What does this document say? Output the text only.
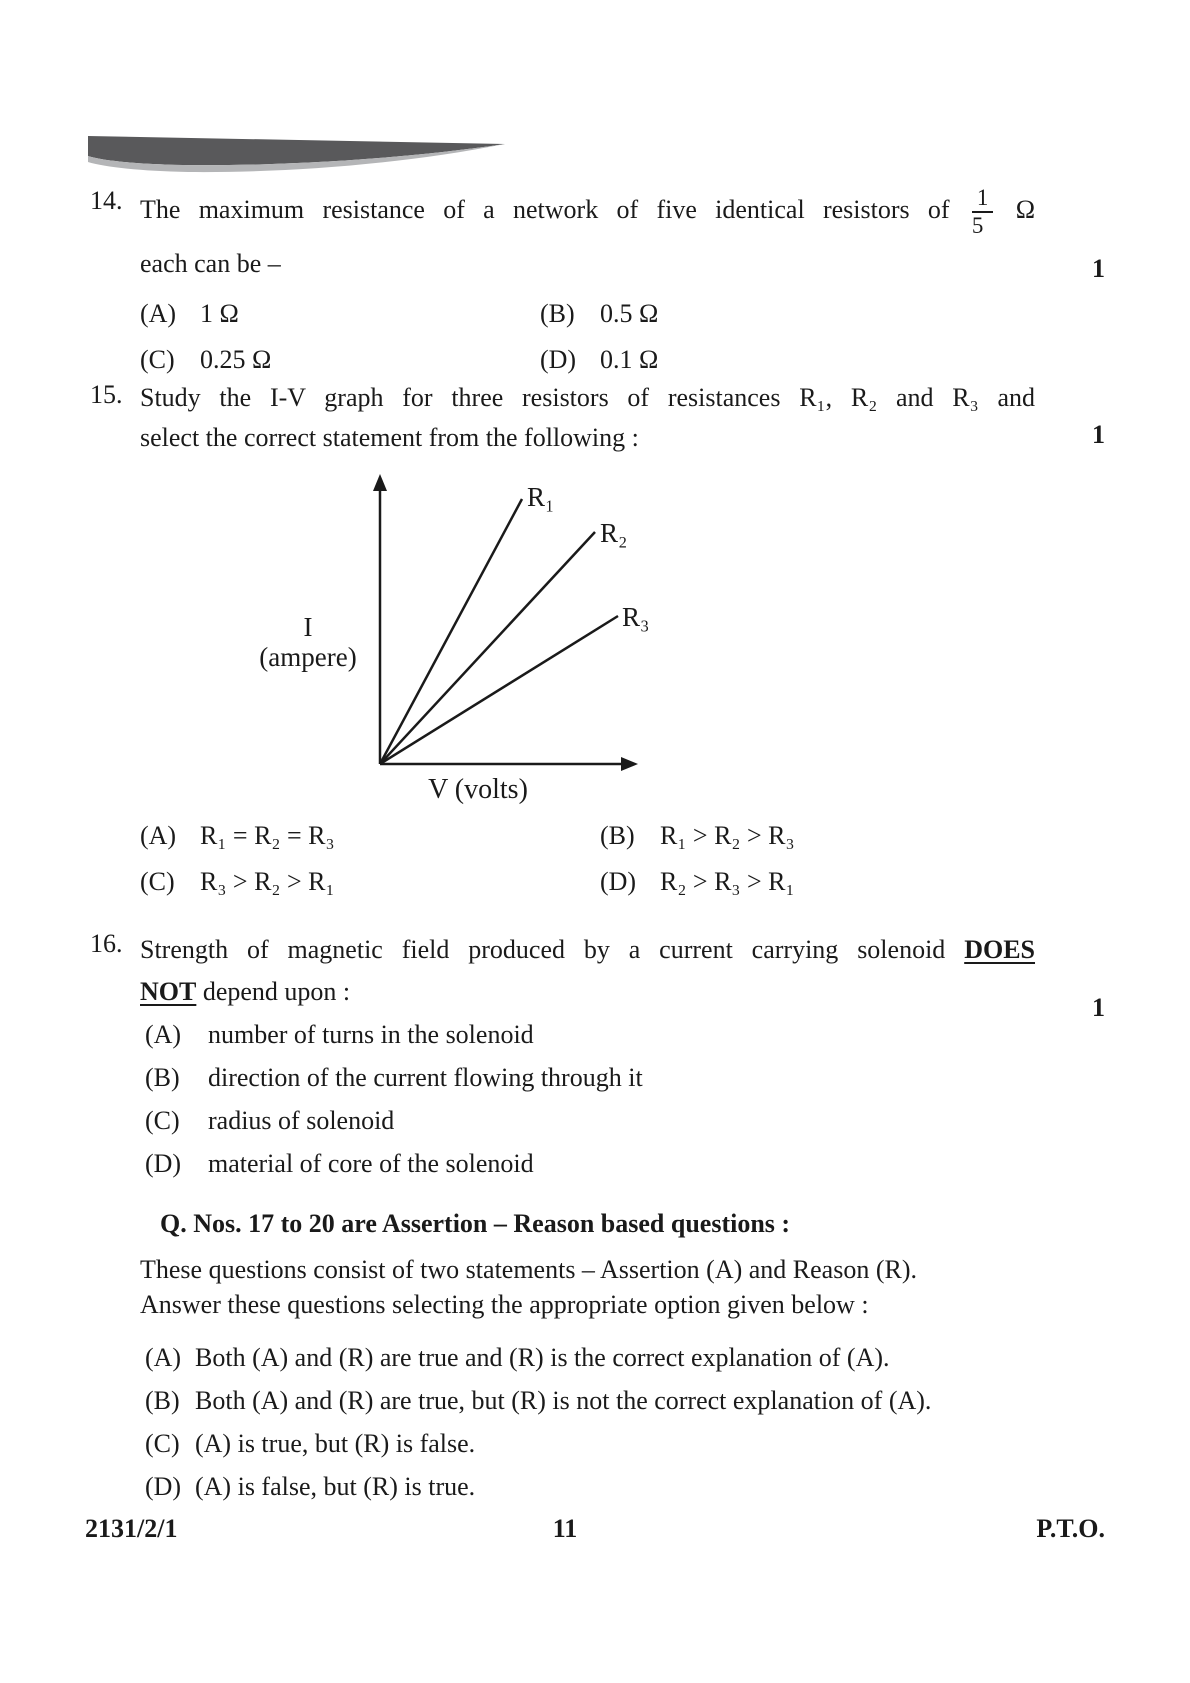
14.
1
The maximum resistance of a network of five identical resistors of $\frac{1}{5}$ Ω
each can be –
(A) 1 Ω	(B) 0.5 Ω
(C) 0.25 Ω	(D) 0.1 Ω
15.
1
Study the I-V graph for three resistors of resistances R₁, R₂ and R₃ and
select the correct statement from the following :
R₁
R₂
R₃
I
(ampere)
V (volts)
(A) R₁ = R₂ = R₃	(B) R₁ > R₂ > R₃
(C) R₃ > R₂ > R₁	(D) R₂ > R₃ > R₁
16.
1
Strength of magnetic field produced by a current carrying solenoid DOES
NOT depend upon :
(A)	number of turns in the solenoid
(B)	direction of the current flowing through it
(C)	radius of solenoid
(D)	material of core of the solenoid
Q. Nos. 17 to 20 are Assertion – Reason based questions :
These questions consist of two statements – Assertion (A) and Reason (R).
Answer these questions selecting the appropriate option given below :
(A) Both (A) and (R) are true and (R) is the correct explanation of (A).
(B) Both (A) and (R) are true, but (R) is not the correct explanation of (A).
(C) (A) is true, but (R) is false.
(D) (A) is false, but (R) is true.
2131/2/1	11	P.T.O.
